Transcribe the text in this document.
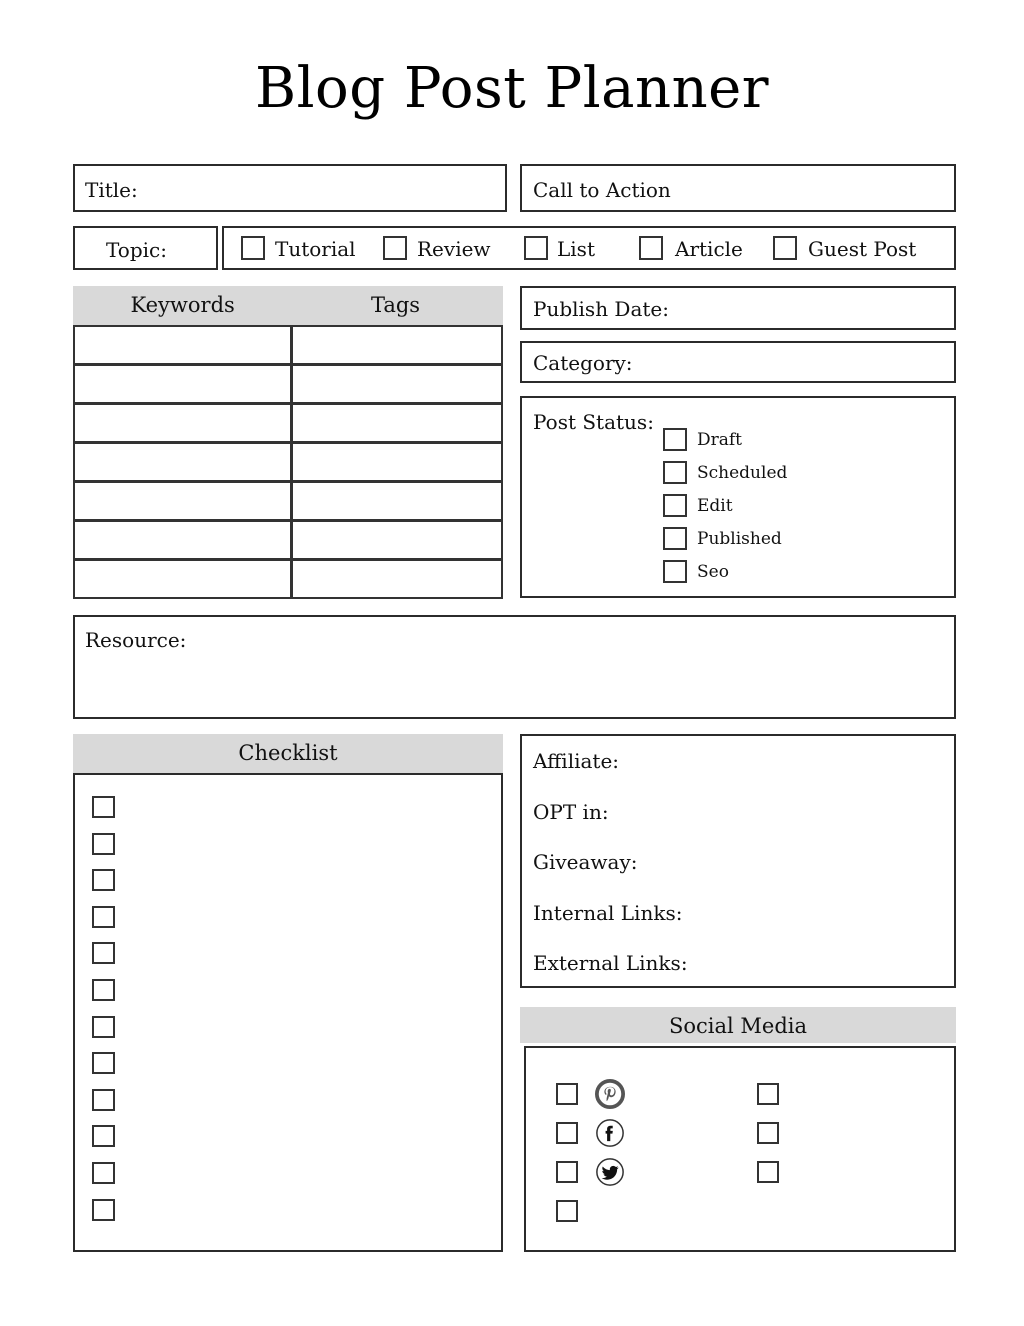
Blog Post Planner
Title:	Call to Action
Topic:	Tutorial	Review	List	Article	Guest Post
Keywords	Tags	Publish Date:
Category:
Post Status:
Draft
Scheduled
Edit
Published
Seo
Resource:
Checklist	Affiliate:
OPT in:
Giveaway:
Internal Links:
External Links:
Social Media
